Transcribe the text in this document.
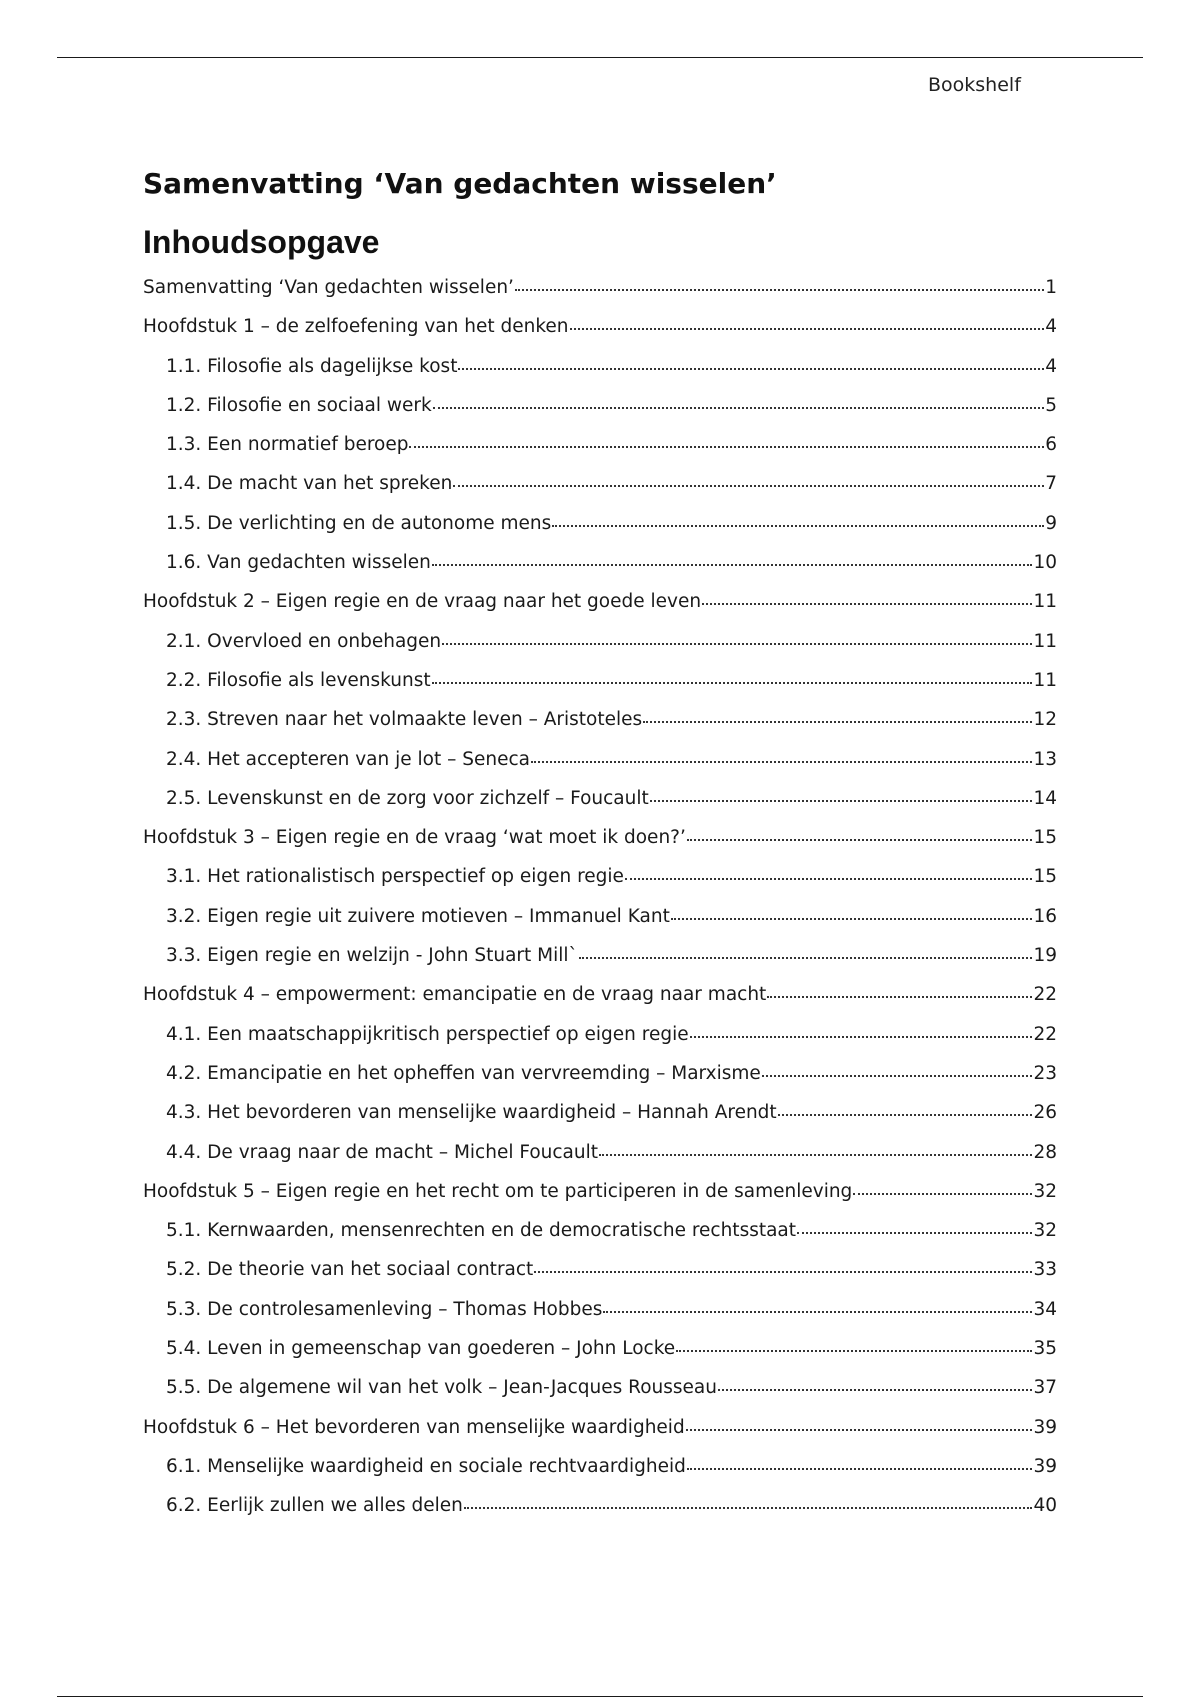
Bookshelf
Samenvatting ‘Van gedachten wisselen’
Inhoudsopgave
Samenvatting ‘Van gedachten wisselen’	1
Hoofdstuk 1 – de zelfoefening van het denken	4
1.1. Filosofie als dagelijkse kost	4
1.2. Filosofie en sociaal werk	5
1.3. Een normatief beroep	6
1.4. De macht van het spreken	7
1.5. De verlichting en de autonome mens	9
1.6. Van gedachten wisselen	10
Hoofdstuk 2 – Eigen regie en de vraag naar het goede leven	11
2.1. Overvloed en onbehagen	11
2.2. Filosofie als levenskunst	11
2.3. Streven naar het volmaakte leven – Aristoteles	12
2.4. Het accepteren van je lot – Seneca	13
2.5. Levenskunst en de zorg voor zichzelf – Foucault	14
Hoofdstuk 3 – Eigen regie en de vraag ‘wat moet ik doen?’	15
3.1. Het rationalistisch perspectief op eigen regie	15
3.2. Eigen regie uit zuivere motieven – Immanuel Kant	16
3.3. Eigen regie en welzijn - John Stuart Mill`	19
Hoofdstuk 4 – empowerment: emancipatie en de vraag naar macht	22
4.1. Een maatschappijkritisch perspectief op eigen regie	22
4.2. Emancipatie en het opheffen van vervreemding – Marxisme	23
4.3. Het bevorderen van menselijke waardigheid – Hannah Arendt	26
4.4. De vraag naar de macht – Michel Foucault	28
Hoofdstuk 5 – Eigen regie en het recht om te participeren in de samenleving	32
5.1. Kernwaarden, mensenrechten en de democratische rechtsstaat	32
5.2. De theorie van het sociaal contract	33
5.3. De controlesamenleving – Thomas Hobbes	34
5.4. Leven in gemeenschap van goederen – John Locke	35
5.5. De algemene wil van het volk – Jean-Jacques Rousseau	37
Hoofdstuk 6 – Het bevorderen van menselijke waardigheid	39
6.1. Menselijke waardigheid en sociale rechtvaardigheid	39
6.2. Eerlijk zullen we alles delen	40
